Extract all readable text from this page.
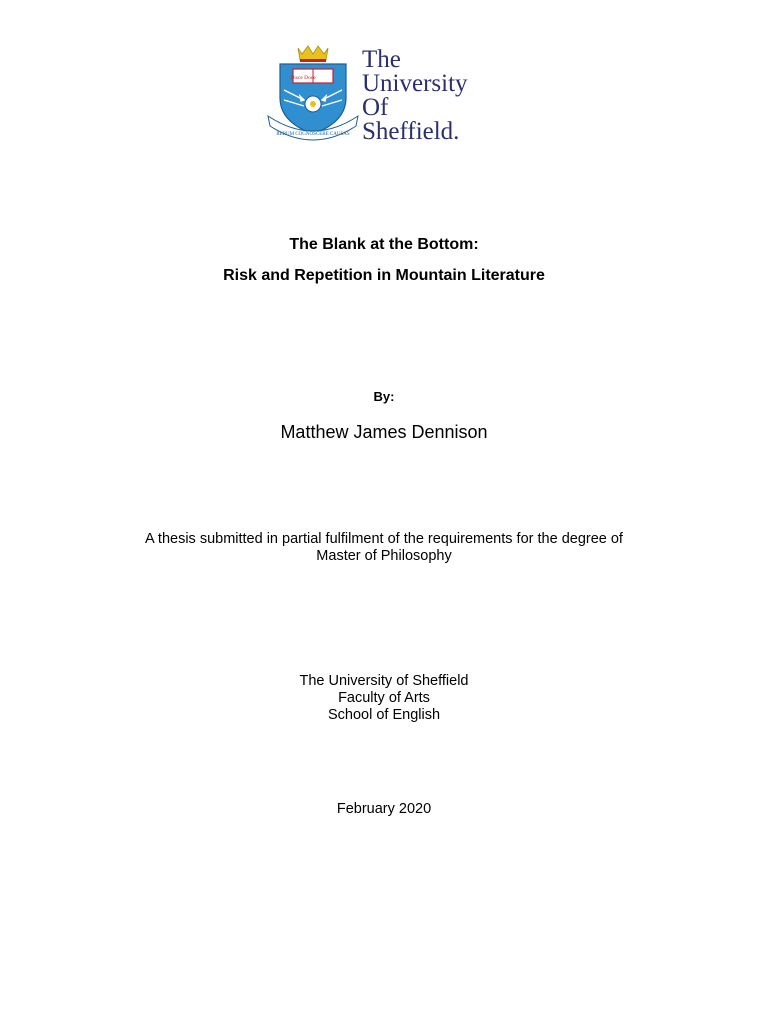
Disce Doce
RERUM COGNOSCERE CAUSAS
The
University
Of
Sheffield.
The Blank at the Bottom:
Risk and Repetition in Mountain Literature
By:
Matthew James Dennison
A thesis submitted in partial fulfilment of the requirements for the degree of
Master of Philosophy
The University of Sheffield
Faculty of Arts
School of English
February 2020
